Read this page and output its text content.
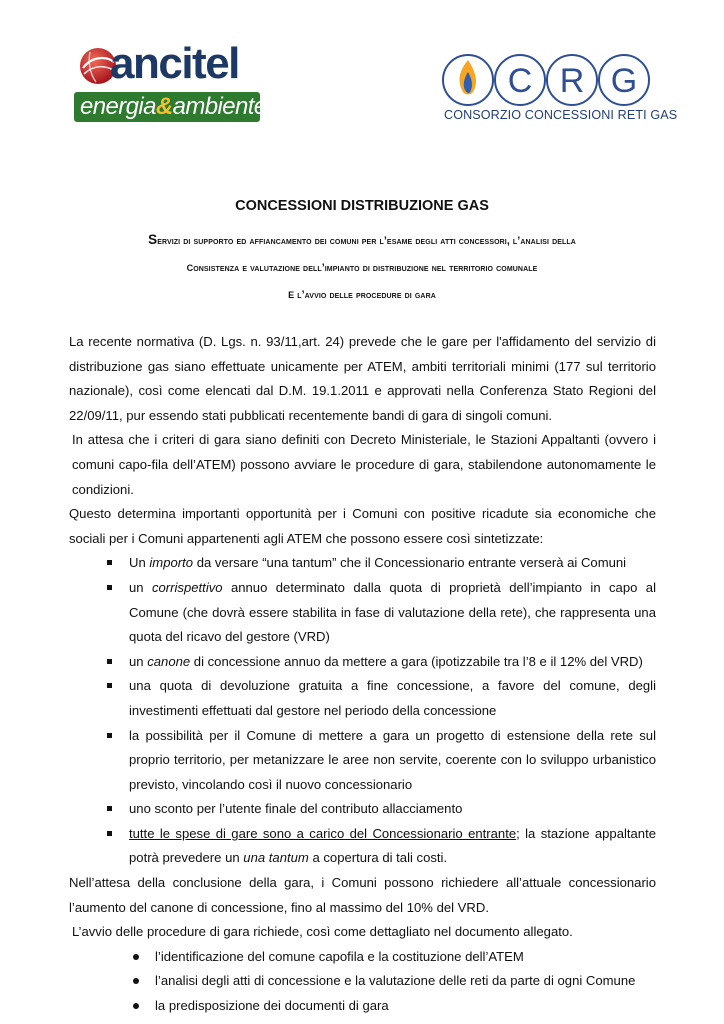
ancitel
energia&ambiente
C R G
CONSORZIO CONCESSIONI RETI GAS
CONCESSIONI DISTRIBUZIONE GAS
Servizi di supporto ed affiancamento dei comuni per l’esame degli atti concessori, l’analisi della
consistenza e valutazione dell’impianto di distribuzione nel territorio comunale
e l’avvio delle procedure di gara

La recente normativa (D. Lgs. n. 93/11,art. 24) prevede che le gare per l'affidamento del servizio di distribuzione gas siano effettuate unicamente per ATEM, ambiti territoriali minimi (177 sul territorio nazionale), così come elencati dal D.M. 19.1.2011 e approvati nella Conferenza Stato Regioni del 22/09/11, pur essendo stati pubblicati recentemente bandi di gara di singoli comuni.

In attesa che i criteri di gara siano definiti con Decreto Ministeriale, le Stazioni Appaltanti (ovvero i comuni capo-fila dell’ATEM) possono avviare le procedure di gara, stabilendone autonomamente le condizioni.

Questo determina importanti opportunità per i Comuni con positive ricadute sia economiche che sociali per i Comuni appartenenti agli ATEM che possono essere così sintetizzate:

Un importo da versare “una tantum” che il Concessionario entrante verserà ai Comuni
un corrispettivo annuo determinato dalla quota di proprietà dell’impianto in capo al Comune (che dovrà essere stabilita in fase di valutazione della rete), che rappresenta una quota del ricavo del gestore (VRD)
un canone di concessione annuo da mettere a gara (ipotizzabile tra l’8 e il 12% del VRD)
una quota di devoluzione gratuita a fine concessione, a favore del comune, degli investimenti effettuati dal gestore nel periodo della concessione
la possibilità per il Comune di mettere a gara un progetto di estensione della rete sul proprio territorio, per metanizzare le aree non servite, coerente con lo sviluppo urbanistico previsto, vincolando così il nuovo concessionario
uno sconto per l’utente finale del contributo allacciamento
tutte le spese di gare sono a carico del Concessionario entrante; la stazione appaltante potrà prevedere un una tantum a copertura di tali costi.

Nell’attesa della conclusione della gara, i Comuni possono richiedere all’attuale concessionario l’aumento del canone di concessione, fino al massimo del 10% del VRD.

L’avvio delle procedure di gara richiede, così come dettagliato nel documento allegato.

l’identificazione del comune capofila e la costituzione dell’ATEM
l’analisi degli atti di concessione e la valutazione delle reti da parte di ogni Comune
la predisposizione dei documenti di gara
